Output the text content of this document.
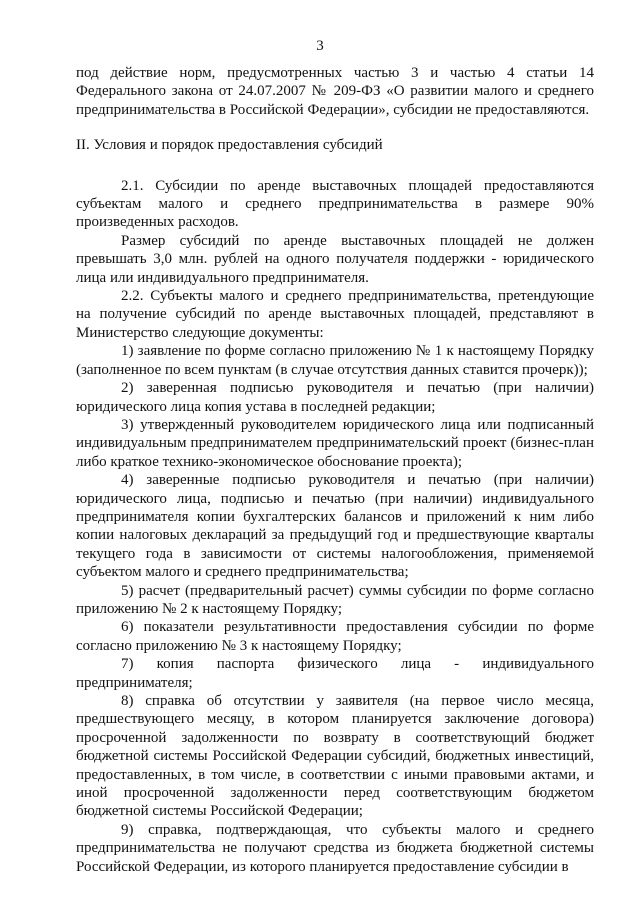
3

под действие норм, предусмотренных частью 3 и частью 4 статьи 14 Федерального закона от 24.07.2007 № 209-ФЗ «О развитии малого и среднего предпринимательства в Российской Федерации», субсидии не предоставляются.

II. Условия и порядок предоставления субсидий

2.1. Субсидии по аренде выставочных площадей предоставляются субъектам малого и среднего предпринимательства в размере 90% произведенных расходов.

Размер субсидий по аренде выставочных площадей не должен превышать 3,0 млн. рублей на одного получателя поддержки - юридического лица или индивидуального предпринимателя.

2.2. Субъекты малого и среднего предпринимательства, претендующие на получение субсидий по аренде выставочных площадей, представляют в Министерство следующие документы:

1) заявление по форме согласно приложению № 1 к настоящему Порядку (заполненное по всем пунктам (в случае отсутствия данных ставится прочерк));

2) заверенная подписью руководителя и печатью (при наличии) юридического лица копия устава в последней редакции;

3) утвержденный руководителем юридического лица или подписанный индивидуальным предпринимателем предпринимательский проект (бизнес-план либо краткое технико-экономическое обоснование проекта);

4) заверенные подписью руководителя и печатью (при наличии) юридического лица, подписью и печатью (при наличии) индивидуального предпринимателя копии бухгалтерских балансов и приложений к ним либо копии налоговых деклараций за предыдущий год и предшествующие кварталы текущего года в зависимости от системы налогообложения, применяемой субъектом малого и среднего предпринимательства;

5) расчет (предварительный расчет) суммы субсидии по форме согласно приложению № 2 к настоящему Порядку;

6) показатели результативности предоставления субсидии по форме согласно приложению № 3 к настоящему Порядку;

7) копия паспорта физического лица - индивидуального предпринимателя;

8) справка об отсутствии у заявителя (на первое число месяца, предшествующего месяцу, в котором планируется заключение договора) просроченной задолженности по возврату в соответствующий бюджет бюджетной системы Российской Федерации субсидий, бюджетных инвестиций, предоставленных, в том числе, в соответствии с иными правовыми актами, и иной просроченной задолженности перед соответствующим бюджетом бюджетной системы Российской Федерации;

9) справка, подтверждающая, что субъекты малого и среднего предпринимательства не получают средства из бюджета бюджетной системы Российской Федерации, из которого планируется предоставление субсидии в
